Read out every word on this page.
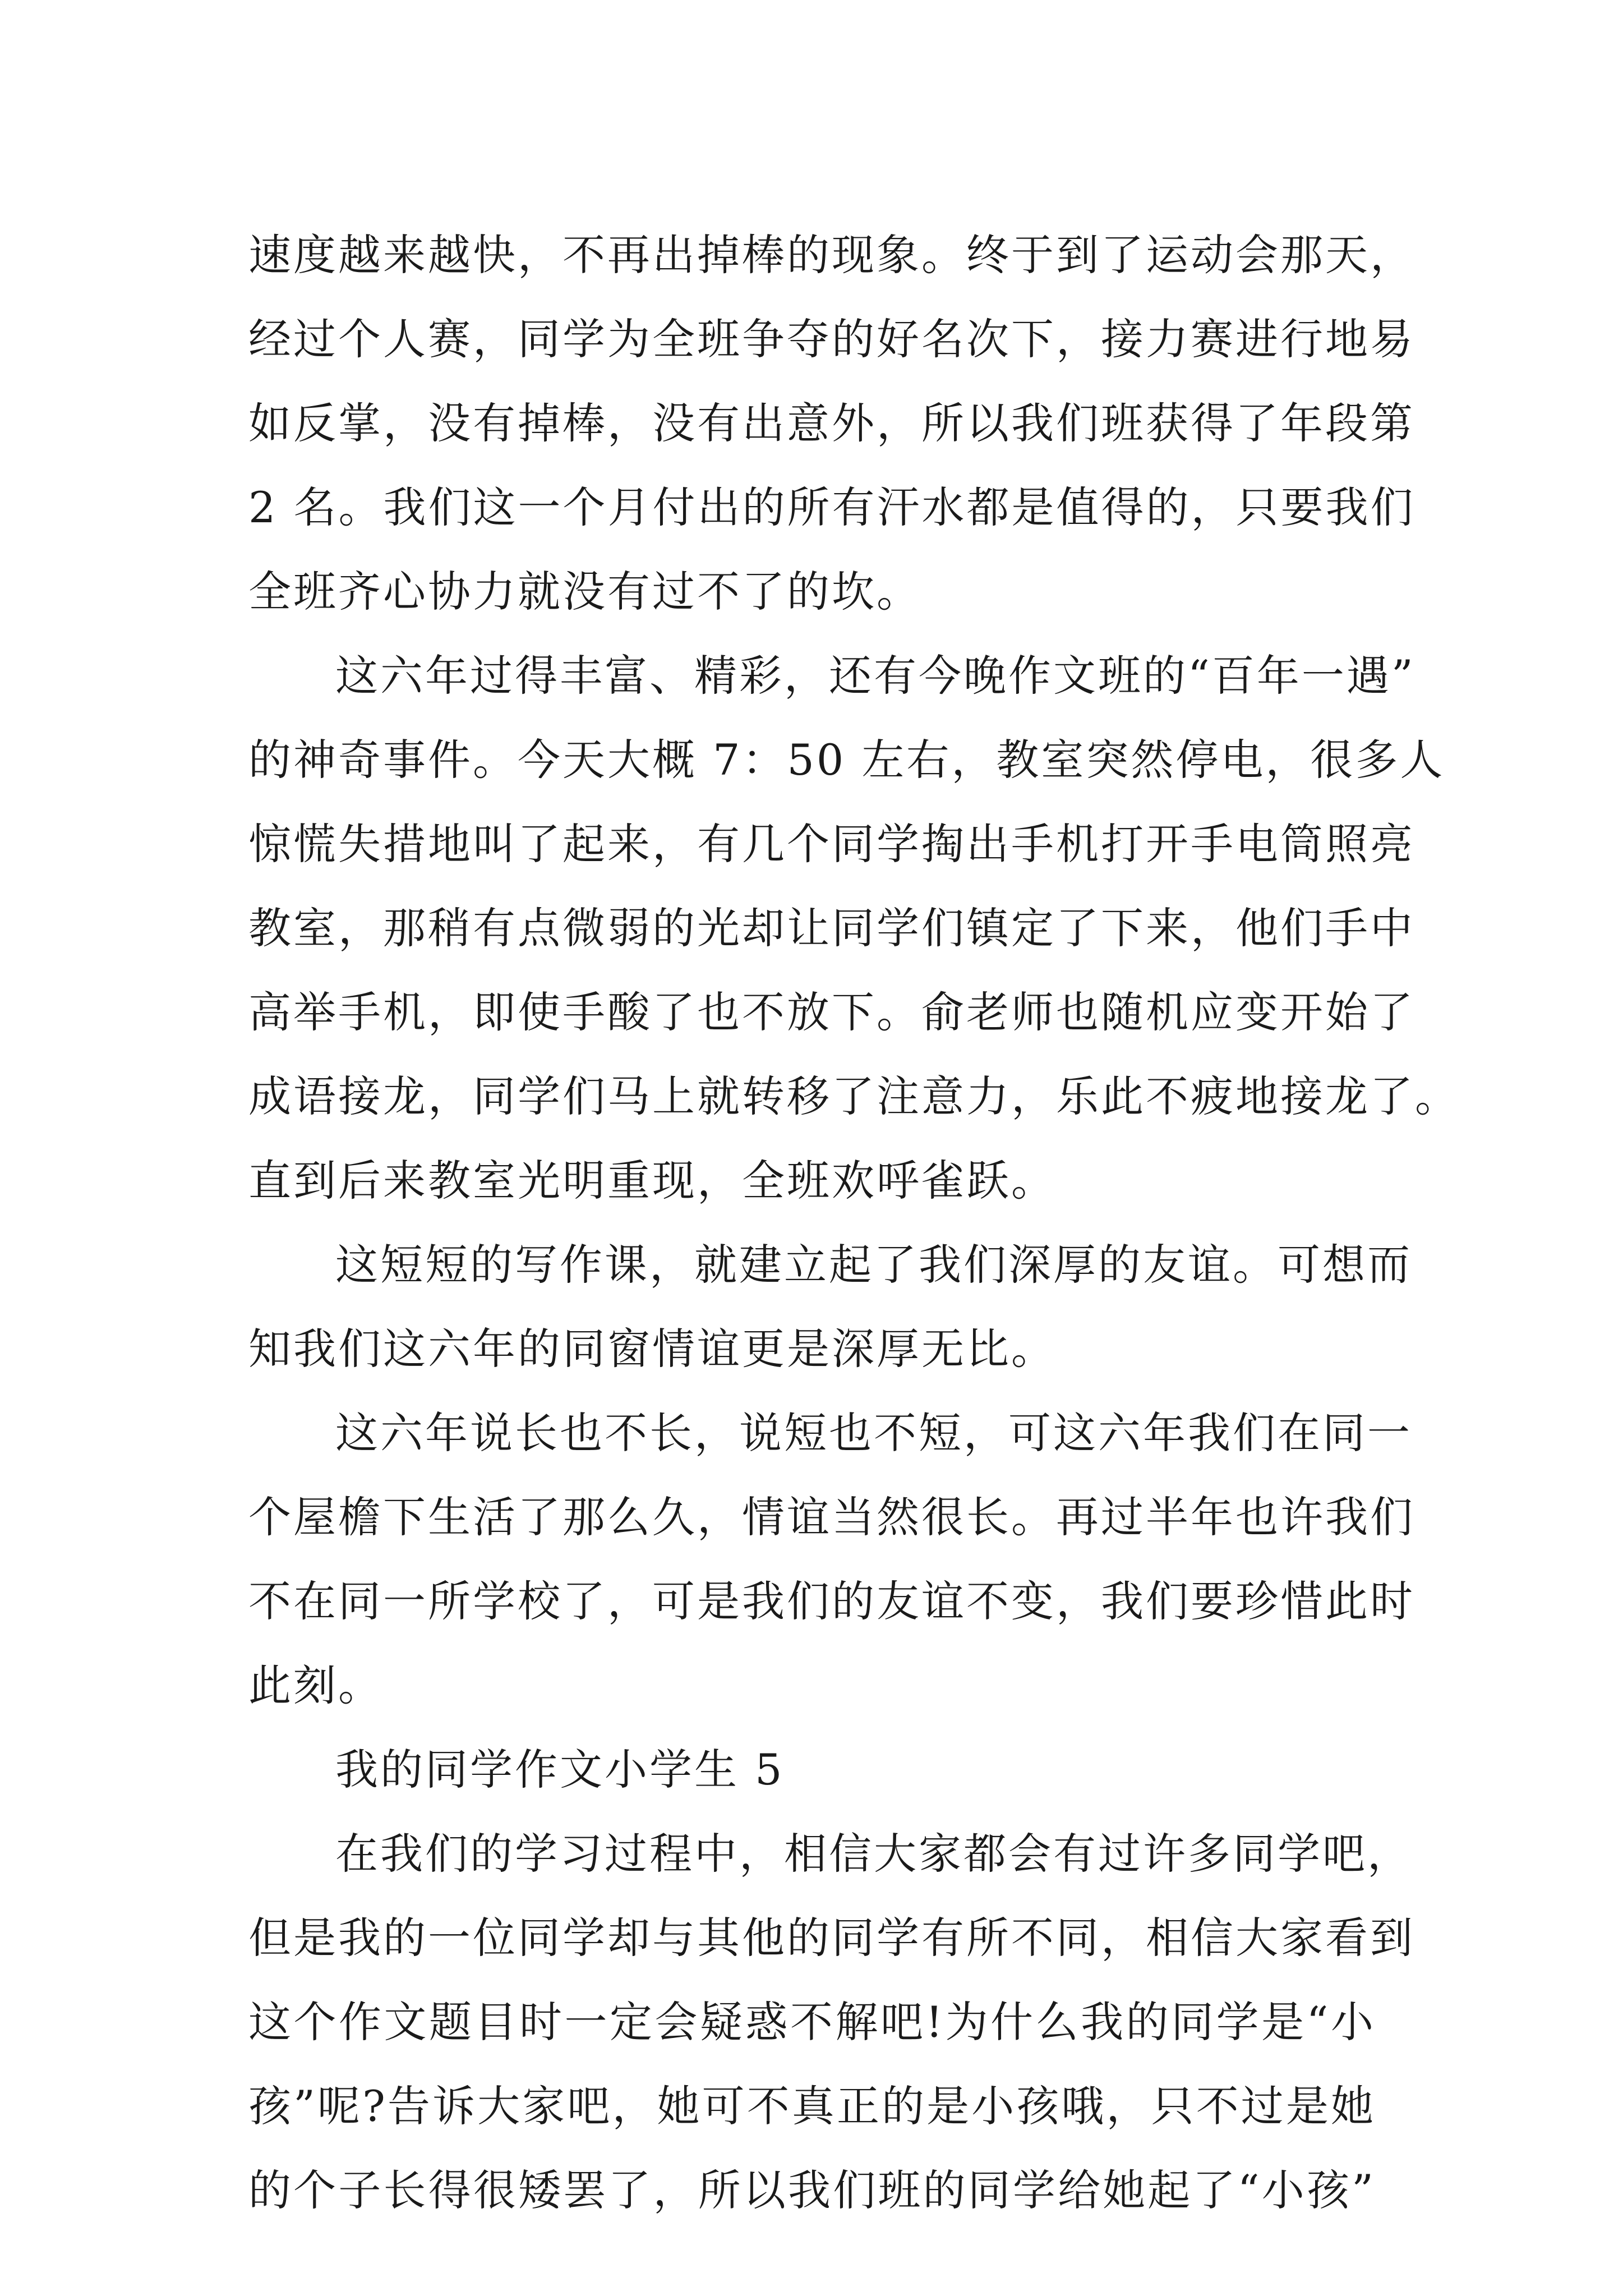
速度越来越快，不再出掉棒的现象。终于到了运动会那天，
经过个人赛，同学为全班争夺的好名次下，接力赛进行地易
如反掌，没有掉棒，没有出意外，所以我们班获得了年段第
2 名。我们这一个月付出的所有汗水都是值得的，只要我们
全班齐心协力就没有过不了的坎。
这六年过得丰富、精彩，还有今晚作文班的“百年一遇”
的神奇事件。今天大概 7：50 左右，教室突然停电，很多人
惊慌失措地叫了起来，有几个同学掏出手机打开手电筒照亮
教室，那稍有点微弱的光却让同学们镇定了下来，他们手中
高举手机，即使手酸了也不放下。俞老师也随机应变开始了
成语接龙，同学们马上就转移了注意力，乐此不疲地接龙了。
直到后来教室光明重现，全班欢呼雀跃。
这短短的写作课，就建立起了我们深厚的友谊。可想而
知我们这六年的同窗情谊更是深厚无比。
这六年说长也不长，说短也不短，可这六年我们在同一
个屋檐下生活了那么久，情谊当然很长。再过半年也许我们
不在同一所学校了，可是我们的友谊不变，我们要珍惜此时
此刻。
我的同学作文小学生 5
在我们的学习过程中，相信大家都会有过许多同学吧，
但是我的一位同学却与其他的同学有所不同，相信大家看到
这个作文题目时一定会疑惑不解吧!为什么我的同学是“小
孩”呢?告诉大家吧，她可不真正的是小孩哦，只不过是她
的个子长得很矮罢了，所以我们班的同学给她起了“小孩”
